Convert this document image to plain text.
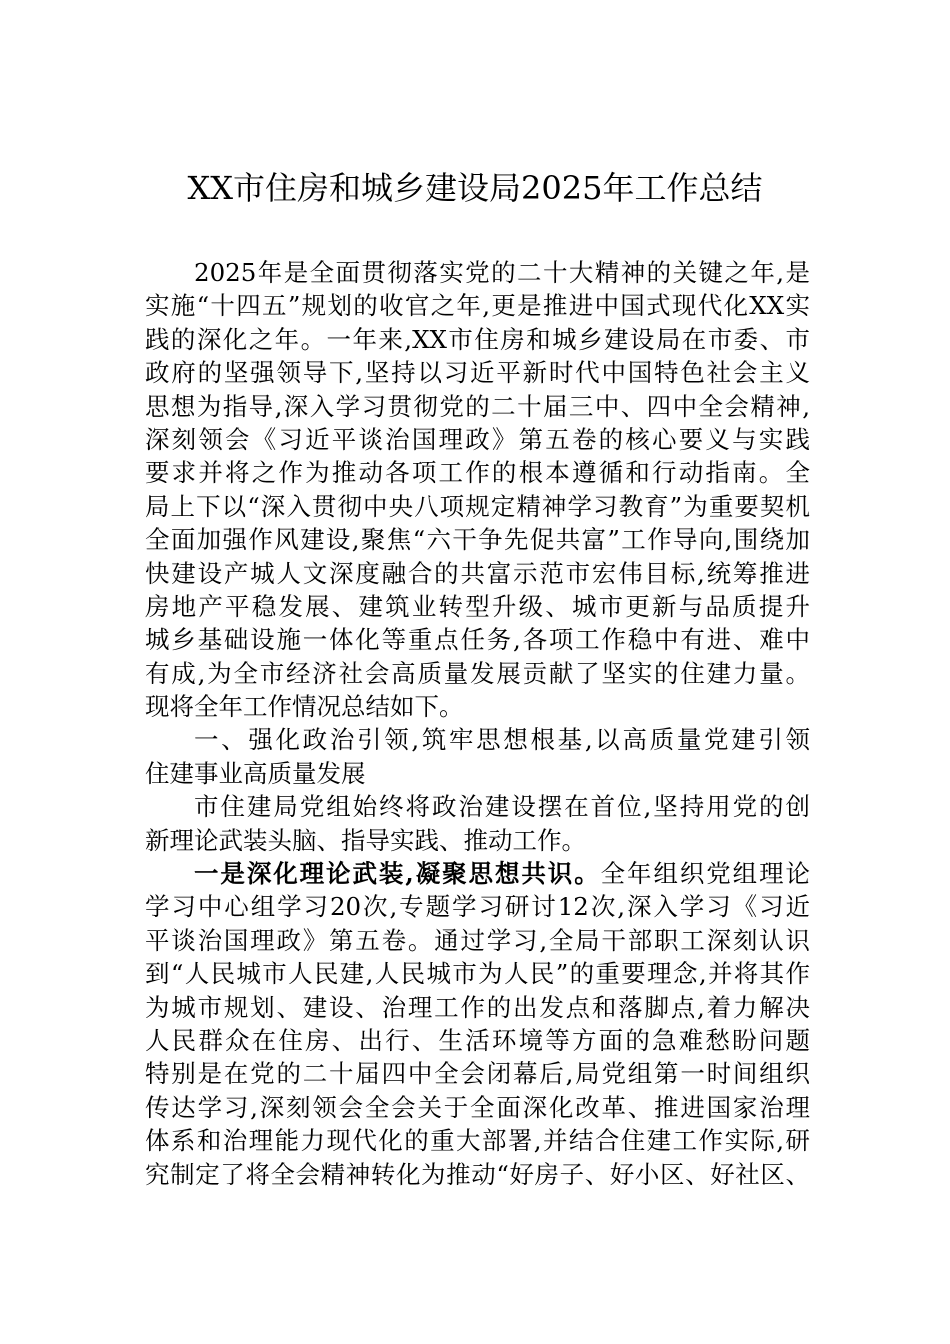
XX市住房和城乡建设局2025年工作总结
2025年是全面贯彻落实党的二十大精神的关键之年,是
实施“十四五”规划的收官之年,更是推进中国式现代化XX实
践的深化之年。一年来,XX市住房和城乡建设局在市委、市
政府的坚强领导下,坚持以习近平新时代中国特色社会主义
思想为指导,深入学习贯彻党的二十届三中、四中全会精神,
深刻领会《习近平谈治国理政》第五卷的核心要义与实践
要求并将之作为推动各项工作的根本遵循和行动指南。全
局上下以“深入贯彻中央八项规定精神学习教育”为重要契机
全面加强作风建设,聚焦“六干争先促共富”工作导向,围绕加
快建设产城人文深度融合的共富示范市宏伟目标,统筹推进
房地产平稳发展、建筑业转型升级、城市更新与品质提升
城乡基础设施一体化等重点任务,各项工作稳中有进、难中
有成,为全市经济社会高质量发展贡献了坚实的住建力量。
现将全年工作情况总结如下。
一、强化政治引领,筑牢思想根基,以高质量党建引领
住建事业高质量发展
市住建局党组始终将政治建设摆在首位,坚持用党的创
新理论武装头脑、指导实践、推动工作。
一是深化理论武装,凝聚思想共识。全年组织党组理论
学习中心组学习20次,专题学习研讨12次,深入学习《习近
平谈治国理政》第五卷。通过学习,全局干部职工深刻认识
到“人民城市人民建,人民城市为人民”的重要理念,并将其作
为城市规划、建设、治理工作的出发点和落脚点,着力解决
人民群众在住房、出行、生活环境等方面的急难愁盼问题
特别是在党的二十届四中全会闭幕后,局党组第一时间组织
传达学习,深刻领会全会关于全面深化改革、推进国家治理
体系和治理能力现代化的重大部署,并结合住建工作实际,研
究制定了将全会精神转化为推动“好房子、好小区、好社区、
